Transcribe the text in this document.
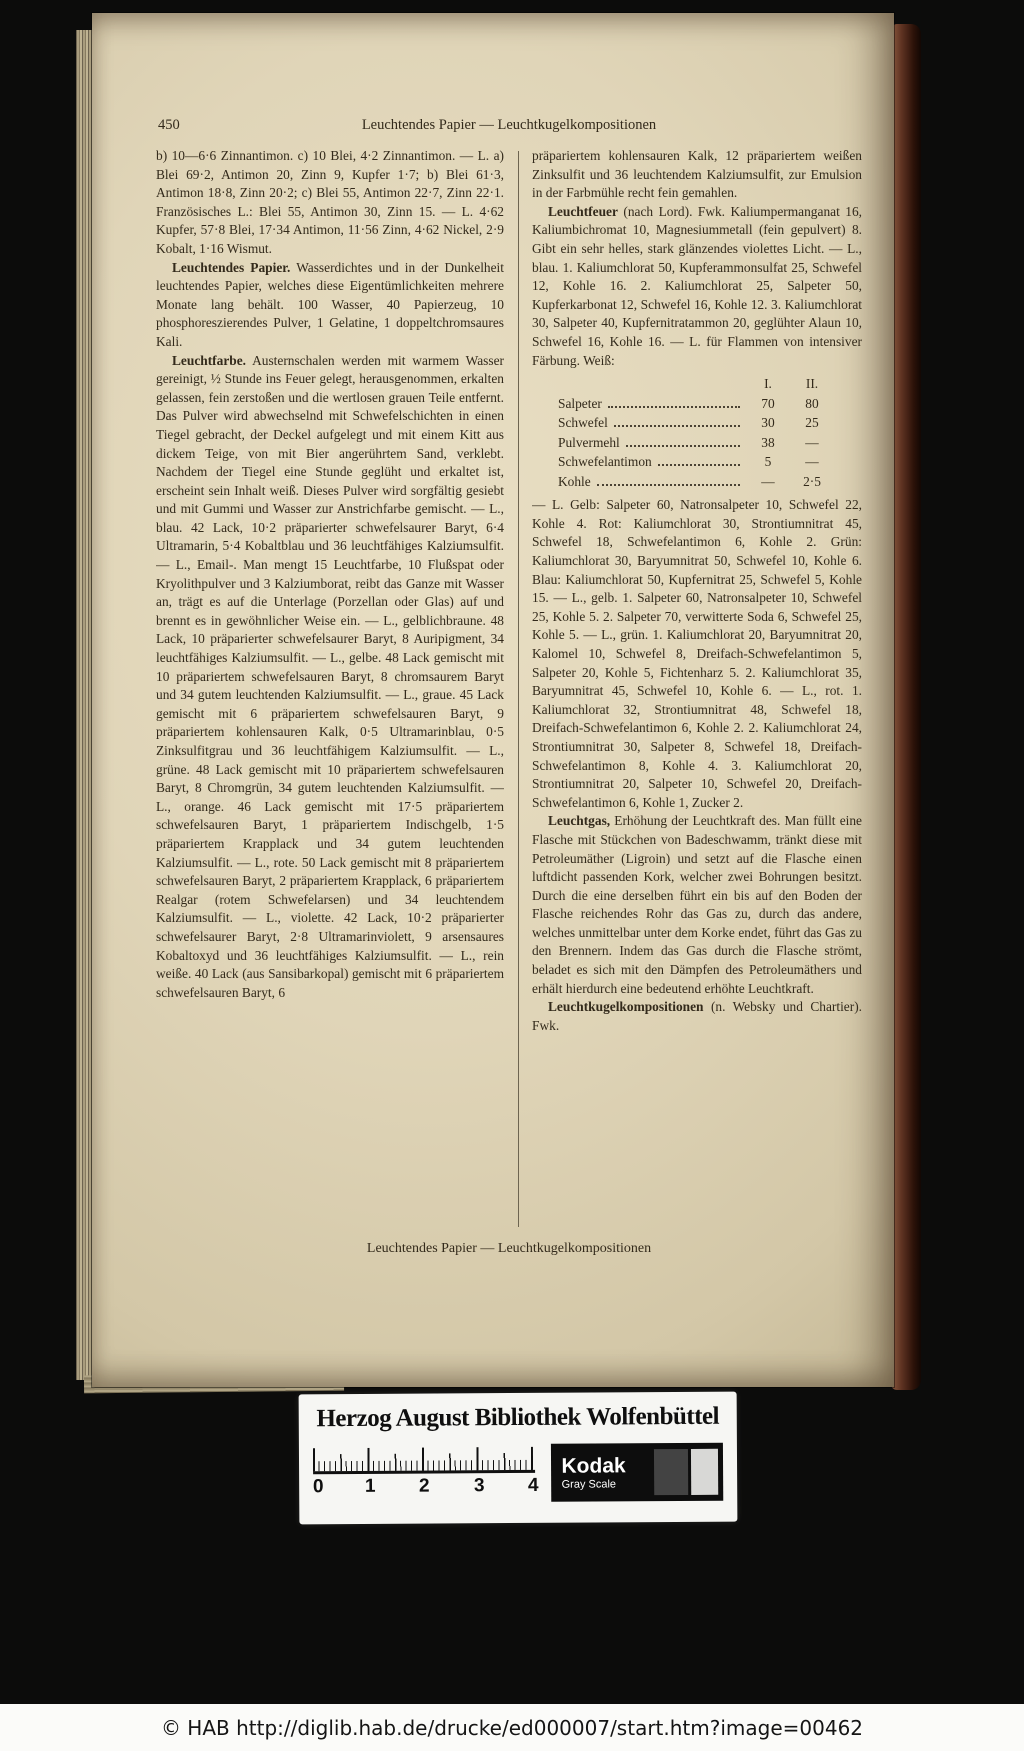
450	Leuchtendes Papier — Leuchtkugelkompositionen

b) 10—6·6 Zinnantimon. c) 10 Blei, 4·2 Zinnantimon. — L. a) Blei 69·2, Antimon 20, Zinn 9, Kupfer 1·7; b) Blei 61·3, Antimon 18·8, Zinn 20·2; c) Blei 55, Antimon 22·7, Zinn 22·1. Französisches L.: Blei 55, Antimon 30, Zinn 15. — L. 4·62 Kupfer, 57·8 Blei, 17·34 Antimon, 11·56 Zinn, 4·62 Nickel, 2·9 Kobalt, 1·16 Wismut.

Leuchtendes Papier. Wasserdichtes und in der Dunkelheit leuchtendes Papier, welches diese Eigentümlichkeiten mehrere Monate lang behält. 100 Wasser, 40 Papierzeug, 10 phosphoreszierendes Pulver, 1 Gelatine, 1 doppeltchromsaures Kali.

Leuchtfarbe. Austernschalen werden mit warmem Wasser gereinigt, ½ Stunde ins Feuer gelegt, herausgenommen, erkalten gelassen, fein zerstoßen und die wertlosen grauen Teile entfernt. Das Pulver wird abwechselnd mit Schwefelschichten in einen Tiegel gebracht, der Deckel aufgelegt und mit einem Kitt aus dickem Teige, von mit Bier angerührtem Sand, verklebt. Nachdem der Tiegel eine Stunde geglüht und erkaltet ist, erscheint sein Inhalt weiß. Dieses Pulver wird sorgfältig gesiebt und mit Gummi und Wasser zur Anstrichfarbe gemischt. — L., blau. 42 Lack, 10·2 präparierter schwefelsaurer Baryt, 6·4 Ultramarin, 5·4 Kobaltblau und 36 leuchtfähiges Kalziumsulfit. — L., Email-. Man mengt 15 Leuchtfarbe, 10 Flußspat oder Kryolithpulver und 3 Kalziumborat, reibt das Ganze mit Wasser an, trägt es auf die Unterlage (Porzellan oder Glas) auf und brennt es in gewöhnlicher Weise ein. — L., gelblichbraune. 48 Lack, 10 präparierter schwefelsaurer Baryt, 8 Auripigment, 34 leuchtfähiges Kalziumsulfit. — L., gelbe. 48 Lack gemischt mit 10 präpariertem schwefelsauren Baryt, 8 chromsaurem Baryt und 34 gutem leuchtenden Kalziumsulfit. — L., graue. 45 Lack gemischt mit 6 präpariertem schwefelsauren Baryt, 9 präpariertem kohlensauren Kalk, 0·5 Ultramarinblau, 0·5 Zinksulfitgrau und 36 leuchtfähigem Kalziumsulfit. — L., grüne. 48 Lack gemischt mit 10 präpariertem schwefelsauren Baryt, 8 Chromgrün, 34 gutem leuchtenden Kalziumsulfit. — L., orange. 46 Lack gemischt mit 17·5 präpariertem schwefelsauren Baryt, 1 präpariertem Indischgelb, 1·5 präpariertem Krapplack und 34 gutem leuchtenden Kalziumsulfit. — L., rote. 50 Lack gemischt mit 8 präpariertem schwefelsauren Baryt, 2 präpariertem Krapplack, 6 präpariertem Realgar (rotem Schwefelarsen) und 34 leuchtendem Kalziumsulfit. — L., violette. 42 Lack, 10·2 präparierter schwefelsaurer Baryt, 2·8 Ultramarinviolett, 9 arsensaures Kobaltoxyd und 36 leuchtfähiges Kalziumsulfit. — L., rein weiße. 40 Lack (aus Sansibarkopal) gemischt mit 6 präpariertem schwefelsauren Baryt, 6

präpariertem kohlensauren Kalk, 12 präpariertem weißen Zinksulfit und 36 leuchtendem Kalziumsulfit, zur Emulsion in der Farbmühle recht fein gemahlen.

Leuchtfeuer (nach Lord). Fwk. Kaliumpermanganat 16, Kaliumbichromat 10, Magnesiummetall (fein gepulvert) 8. Gibt ein sehr helles, stark glänzendes violettes Licht. — L., blau. 1. Kaliumchlorat 50, Kupferammonsulfat 25, Schwefel 12, Kohle 16. 2. Kaliumchlorat 25, Salpeter 50, Kupferkarbonat 12, Schwefel 16, Kohle 12. 3. Kaliumchlorat 30, Salpeter 40, Kupfernitratammon 20, geglühter Alaun 10, Schwefel 16, Kohle 16. — L. für Flammen von intensiver Färbung. Weiß:

I.	II.
Salpeter	70	80
Schwefel	30	25
Pulvermehl	38	—
Schwefelantimon	5	—
Kohle	—	2·5

— L. Gelb: Salpeter 60, Natronsalpeter 10, Schwefel 22, Kohle 4. Rot: Kaliumchlorat 30, Strontiumnitrat 45, Schwefel 18, Schwefelantimon 6, Kohle 2. Grün: Kaliumchlorat 30, Baryumnitrat 50, Schwefel 10, Kohle 6. Blau: Kaliumchlorat 50, Kupfernitrat 25, Schwefel 5, Kohle 15. — L., gelb. 1. Salpeter 60, Natronsalpeter 10, Schwefel 25, Kohle 5. 2. Salpeter 70, verwitterte Soda 6, Schwefel 25, Kohle 5. — L., grün. 1. Kaliumchlorat 20, Baryumnitrat 20, Kalomel 10, Schwefel 8, Dreifach-Schwefelantimon 5, Salpeter 20, Kohle 5, Fichtenharz 5. 2. Kaliumchlorat 35, Baryumnitrat 45, Schwefel 10, Kohle 6. — L., rot. 1. Kaliumchlorat 32, Strontiumnitrat 48, Schwefel 18, Dreifach-Schwefelantimon 6, Kohle 2. 2. Kaliumchlorat 24, Strontiumnitrat 30, Salpeter 8, Schwefel 18, Dreifach-Schwefelantimon 8, Kohle 4. 3. Kaliumchlorat 20, Strontiumnitrat 20, Salpeter 10, Schwefel 20, Dreifach-Schwefelantimon 6, Kohle 1, Zucker 2.

Leuchtgas, Erhöhung der Leuchtkraft des. Man füllt eine Flasche mit Stückchen von Badeschwamm, tränkt diese mit Petroleumäther (Ligroin) und setzt auf die Flasche einen luftdicht passenden Kork, welcher zwei Bohrungen besitzt. Durch die eine derselben führt ein bis auf den Boden der Flasche reichendes Rohr das Gas zu, durch das andere, welches unmittelbar unter dem Korke endet, führt das Gas zu den Brennern. Indem das Gas durch die Flasche strömt, beladet es sich mit den Dämpfen des Petroleumäthers und erhält hierdurch eine bedeutend erhöhte Leuchtkraft.

Leuchtkugelkompositionen (n. Websky und Chartier). Fwk.

Leuchtendes Papier — Leuchtkugelkompositionen
Herzog August Bibliothek Wolfenbüttel
0 1 2 3 4
Kodak
Gray Scale
© HAB http://diglib.hab.de/drucke/ed000007/start.htm?image=00462
